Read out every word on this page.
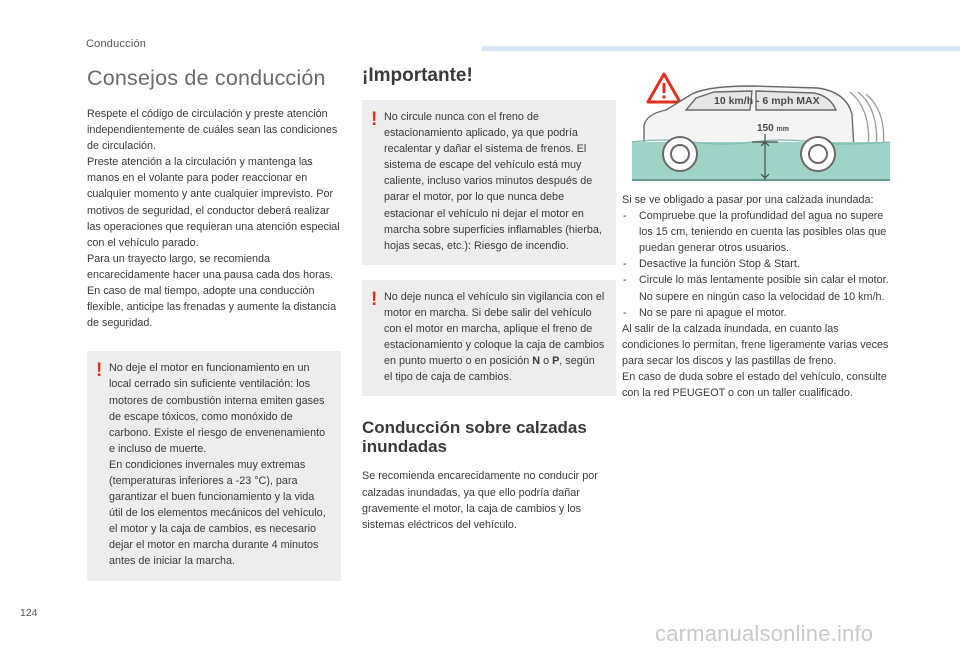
Conducción
Consejos de conducción

Respete el código de circulación y preste atención independientemente de cuáles sean las condiciones de circulación.

Preste atención a la circulación y mantenga las manos en el volante para poder reaccionar en cualquier momento y ante cualquier imprevisto. Por motivos de seguridad, el conductor deberá realizar las operaciones que requieran una atención especial con el vehículo parado.

Para un trayecto largo, se recomienda encarecidamente hacer una pausa cada dos horas.

En caso de mal tiempo, adopte una conducción flexible, anticipe las frenadas y aumente la distancia de seguridad.

! No deje el motor en funcionamiento en un local cerrado sin suficiente ventilación: los motores de combustión interna emiten gases de escape tóxicos, como monóxido de carbono. Existe el riesgo de envenenamiento e incluso de muerte.

En condiciones invernales muy extremas (temperaturas inferiores a -23 °C), para garantizar el buen funcionamiento y la vida útil de los elementos mecánicos del vehículo, el motor y la caja de cambios, es necesario dejar el motor en marcha durante 4 minutos antes de iniciar la marcha.

¡Importante!
! No circule nunca con el freno de estacionamiento aplicado, ya que podría recalentar y dañar el sistema de frenos. El sistema de escape del vehículo está muy caliente, incluso varios minutos después de parar el motor, por lo que nunca debe estacionar el vehículo ni dejar el motor en marcha sobre superficies inflamables (hierba, hojas secas, etc.): Riesgo de incendio.

! No deje nunca el vehículo sin vigilancia con el motor en marcha. Si debe salir del vehículo con el motor en marcha, aplique el freno de estacionamiento y coloque la caja de cambios en punto muerto o en posición N o P, según el tipo de caja de cambios.

Conducción sobre calzadas inundadas

Se recomienda encarecidamente no conducir por calzadas inundadas, ya que ello podría dañar gravemente el motor, la caja de cambios y los sistemas eléctricos del vehículo.

10 km/h - 6 mph MAX
150 mm

Si se ve obligado a pasar por una calzada inundada:

- Compruebe que la profundidad del agua no supere los 15 cm, teniendo en cuenta las posibles olas que puedan generar otros usuarios.
- Desactive la función Stop & Start.
- Circule lo más lentamente posible sin calar el motor. No supere en ningún caso la velocidad de 10 km/h.
- No se pare ni apague el motor.

Al salir de la calzada inundada, en cuanto las condiciones lo permitan, frene ligeramente varias veces para secar los discos y las pastillas de freno.

En caso de duda sobre el estado del vehículo, consulte con la red PEUGEOT o con un taller cualificado.

124
carmanualsonline.info
